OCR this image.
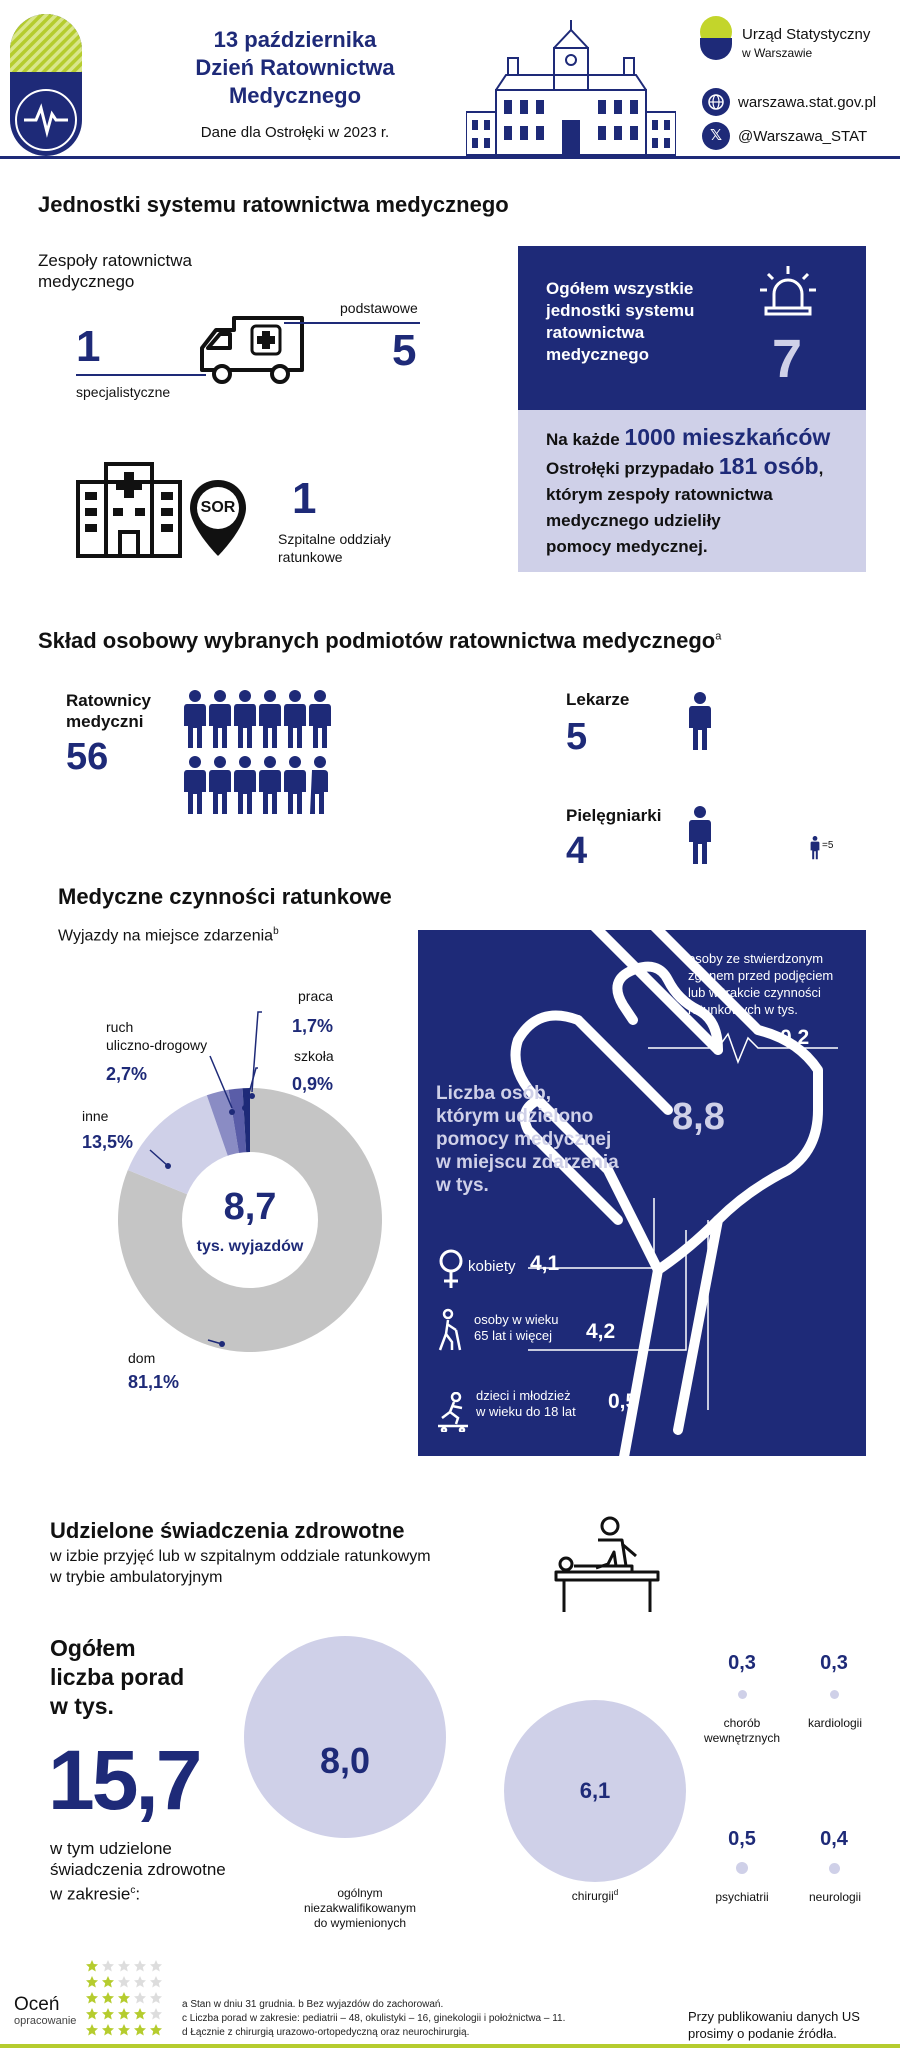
13 października
Dzień Ratownictwa
Medycznego
Dane dla Ostrołęki w 2023 r.
Urząd Statystyczny
w Warszawie
warszawa.stat.gov.pl
𝕏	@Warszawa_STAT
Jednostki systemu ratownictwa medycznego
Zespoły ratownictwa medycznego
1
specjalistyczne
podstawowe
5
SOR 1
Szpitalne oddziały
ratunkowe
Ogółem wszystkie
jednostki systemu
ratownictwa
medycznego	7
Na każde 1000 mieszkańców
Ostrołęki przypadało 181 osób,
którym zespoły ratownictwa
medycznego udzieliły
pomocy medycznej.
Skład osobowy wybranych podmiotów ratownictwa medycznego$^a$
Ratownicy
medyczni
56
Lekarze
5
Pielęgniarki
4	=5
Medyczne czynności ratunkowe
Wyjazdy na miejsce zdarzenia$^b$
8,7
tys. wyjazdów
praca
1,7%
szkoła
0,9%
ruch
uliczno-drogowy
2,7%
inne
13,5%
dom
81,1%
osoby ze stwierdzonym
zgonem przed podjęciem
lub w trakcie czynności
ratunkowych w tys.
0,2
Liczba osób,
którym udzielono
pomocy medycznej
w miejscu zdarzenia
w tys.
8,8
kobiety 4,1
osoby w wieku
65 lat i więcej	4,2
dzieci i młodzież
w wieku do 18 lat 0,5
Udzielone świadczenia zdrowotne
w izbie przyjęć lub w szpitalnym oddziale ratunkowym
w trybie ambulatoryjnym
Ogółem
liczba porad
w tys.
15,7
w tym udzielone
świadczenia zdrowotne
w zakresie$^c$:
8,0
ogólnym
niezakwalifikowanym
do wymienionych
6,1
chirurgii$^d$
0,3
chorób
wewnętrznych
0,3
kardiologii
0,5
psychiatrii
0,4
neurologii
Oceń
opracowanie
a Stan w dniu 31 grudnia. b Bez wyjazdów do zachorowań.
c Liczba porad w zakresie: pediatrii – 48, okulistyki – 16, ginekologii i położnictwa – 11.
d Łącznie z chirurgią urazowo-ortopedyczną oraz neurochirurgią.
Przy publikowaniu danych US
prosimy o podanie źródła.
